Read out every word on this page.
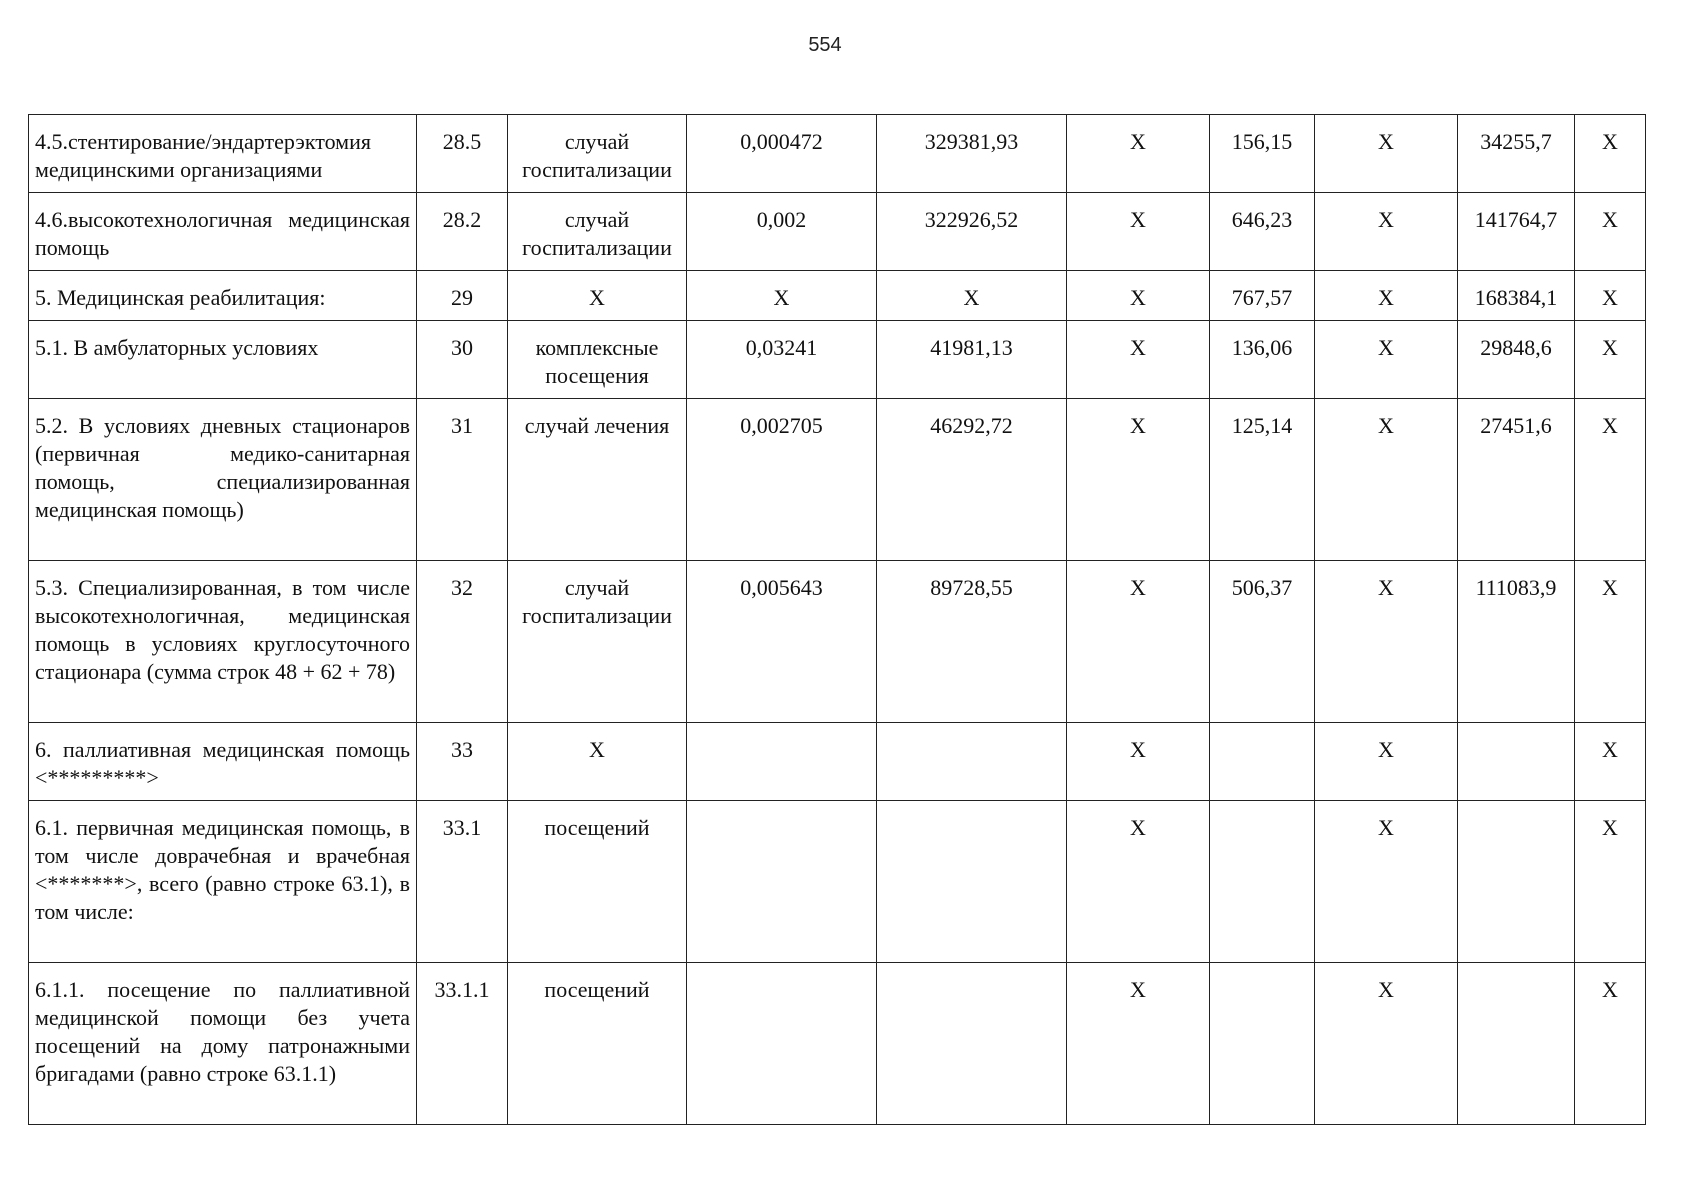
554
4.5.стентирование/эндартерэктомия медицинскими организациями	28.5	случай госпитализации	0,000472	329381,93	Х	156,15	Х	34255,7	Х
4.6.высокотехнологичная медицинская помощь	28.2	случай госпитализации	0,002	322926,52	Х	646,23	Х	141764,7	Х
5. Медицинская реабилитация:	29	Х	Х	Х	Х	767,57	Х	168384,1	Х
5.1. В амбулаторных условиях	30	комплексные посещения	0,03241	41981,13	Х	136,06	Х	29848,6	Х
5.2. В условиях дневных стационаров (первичная медико-санитарная помощь, специализированная медицинская помощь)	31	случай лечения	0,002705	46292,72	Х	125,14	Х	27451,6	Х
5.3. Специализированная, в том числе высокотехнологичная, медицинская помощь в условиях круглосуточного стационара (сумма строк 48 + 62 + 78)	32	случай госпитализации	0,005643	89728,55	Х	506,37	Х	111083,9	Х
6. паллиативная медицинская помощь <*********>	33	Х			Х		Х		Х
6.1. первичная медицинская помощь, в том числе доврачебная и врачебная <*******>, всего (равно строке 63.1), в том числе:	33.1	посещений			Х		Х		Х
6.1.1. посещение по паллиативной медицинской помощи без учета посещений на дому патронажными бригадами (равно строке 63.1.1)	33.1.1	посещений			Х		Х		Х
